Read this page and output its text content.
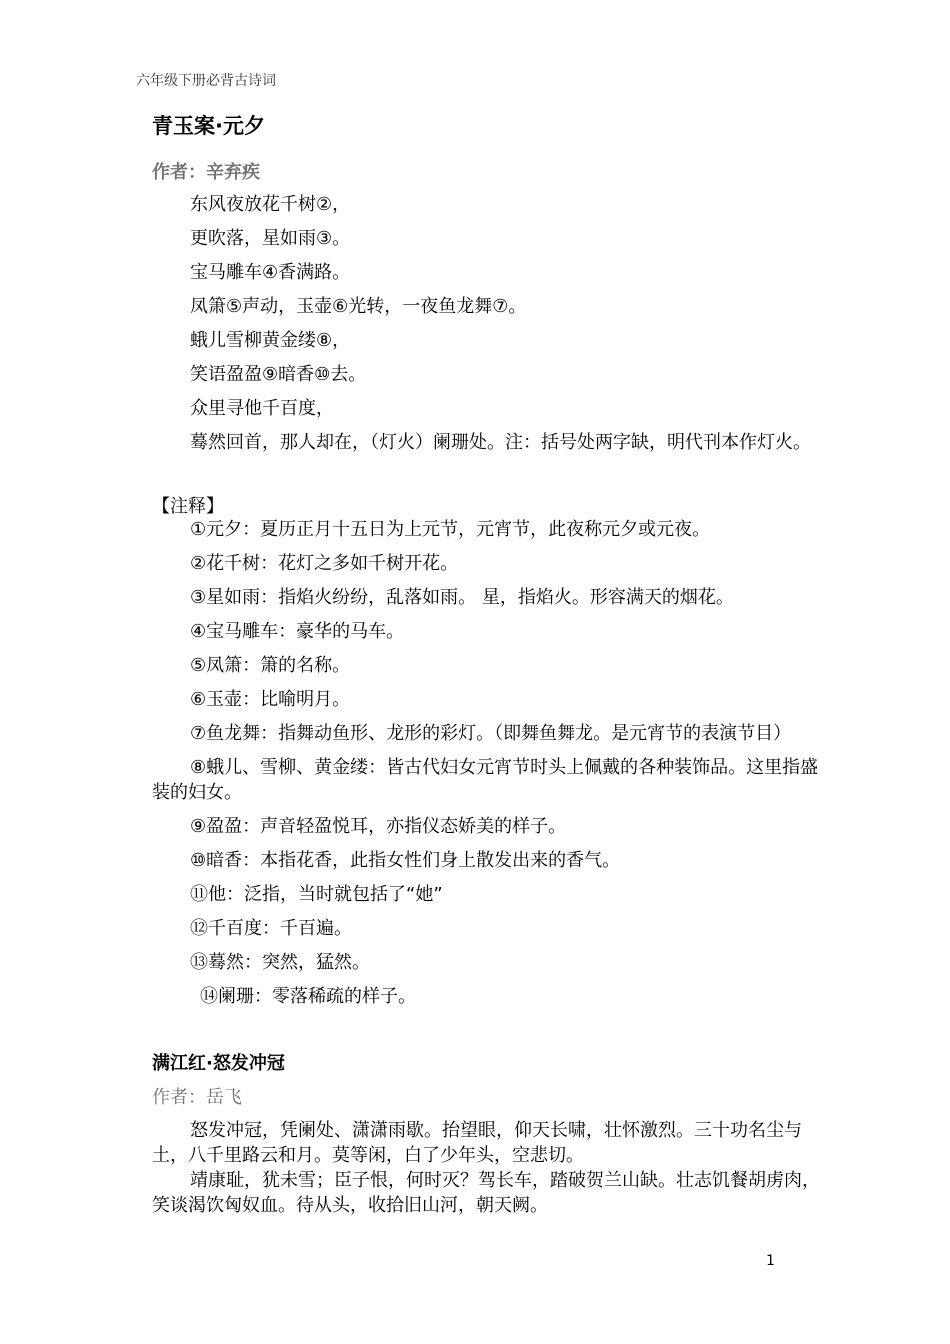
六年级下册必背古诗词
青玉案·元夕
作者：辛弃疾
东风夜放花千树②，
更吹落，星如雨③。
宝马雕车④香满路。
凤箫⑤声动，玉壶⑥光转，一夜鱼龙舞⑦。
蛾儿雪柳黄金缕⑧，
笑语盈盈⑨暗香⑩去。
众里寻他千百度，
蓦然回首，那人却在，（灯火）阑珊处。注：括号处两字缺，明代刊本作灯火。
【注释】
①元夕：夏历正月十五日为上元节，元宵节，此夜称元夕或元夜。
②花千树：花灯之多如千树开花。
③星如雨：指焰火纷纷，乱落如雨。 星，指焰火。形容满天的烟花。
④宝马雕车：豪华的马车。
⑤凤箫：箫的名称。
⑥玉壶：比喻明月。
⑦鱼龙舞：指舞动鱼形、龙形的彩灯。（即舞鱼舞龙。是元宵节的表演节目）
⑧蛾儿、雪柳、黄金缕：皆古代妇女元宵节时头上佩戴的各种装饰品。这里指盛装的妇女。
⑨盈盈：声音轻盈悦耳，亦指仪态娇美的样子。
⑩暗香：本指花香，此指女性们身上散发出来的香气。
⑪他：泛指，当时就包括了“她”
⑫千百度：千百遍。
⑬蓦然：突然，猛然。
⑭阑珊：零落稀疏的样子。
满江红·怒发冲冠
作者：岳飞
怒发冲冠，凭阑处、潇潇雨歇。抬望眼，仰天长啸，壮怀激烈。三十功名尘与土，八千里路云和月。莫等闲，白了少年头，空悲切。
靖康耻，犹未雪；臣子恨，何时灭？驾长车，踏破贺兰山缺。壮志饥餐胡虏肉，笑谈渴饮匈奴血。待从头，收拾旧山河，朝天阙。
1
